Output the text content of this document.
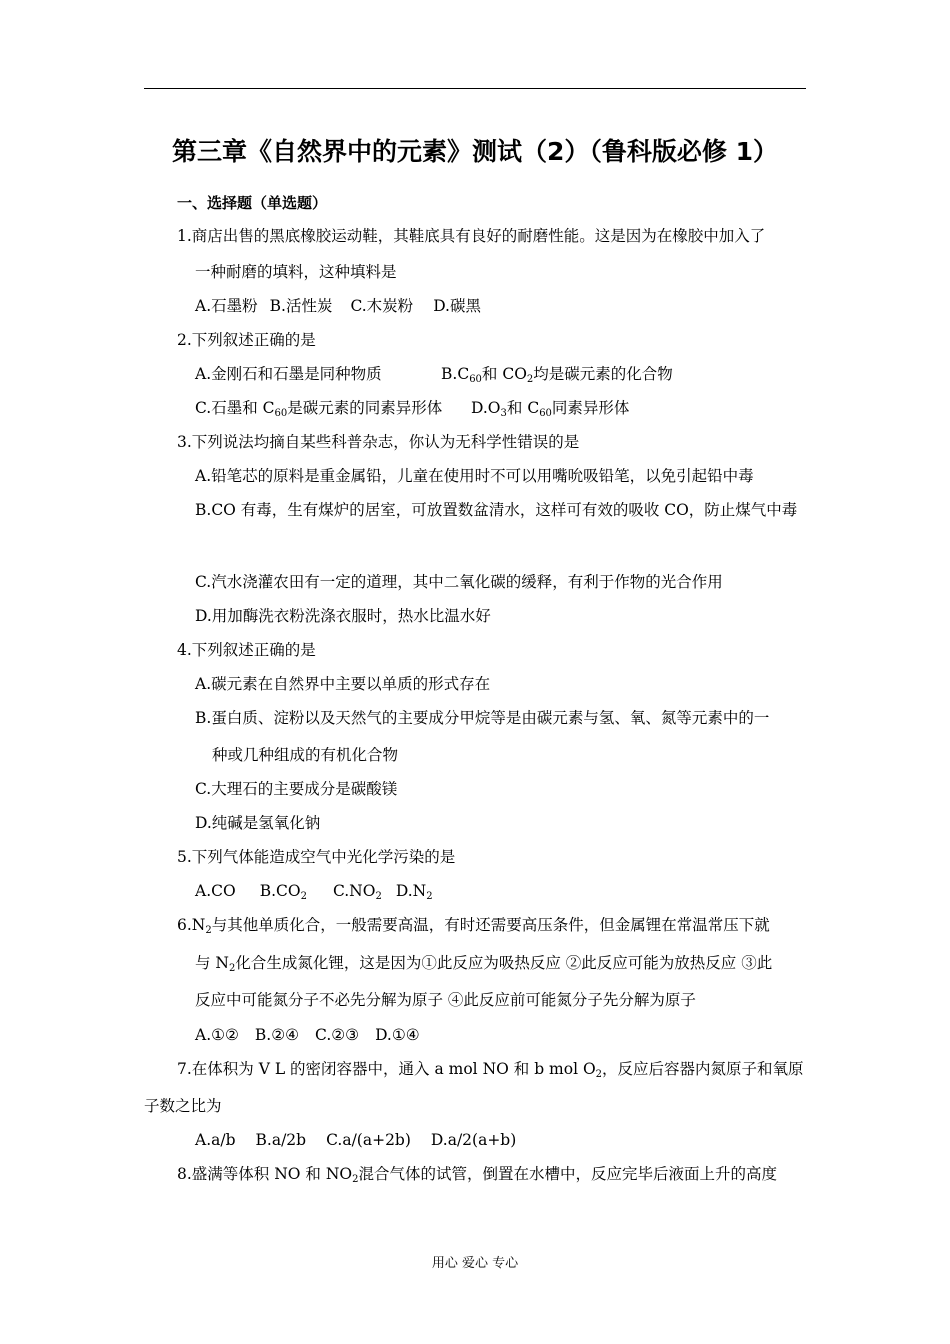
第三章《自然界中的元素》测试（2）（鲁科版必修 1）
一、选择题（单选题）
1.商店出售的黑底橡胶运动鞋，其鞋底具有良好的耐磨性能。这是因为在橡胶中加入了
一种耐磨的填料，这种填料是
A.石墨粉 B.活性炭 C.木炭粉 D.碳黑
2.下列叙述正确的是
A.金刚石和石墨是同种物质	$B.C_{60}$和 $CO_2$均是碳元素的化合物
C.石墨和 $C_{60}$是碳元素的同素异形体 $D.O_3$和 $C_{60}$同素异形体
3.下列说法均摘自某些科普杂志，你认为无科学性错误的是
A.铅笔芯的原料是重金属铅，儿童在使用时不可以用嘴吮吸铅笔，以免引起铅中毒
B.CO 有毒，生有煤炉的居室，可放置数盆清水，这样可有效的吸收 CO，防止煤气中毒
C.汽水浇灌农田有一定的道理，其中二氧化碳的缓释，有利于作物的光合作用
D.用加酶洗衣粉洗涤衣服时，热水比温水好
4.下列叙述正确的是
A.碳元素在自然界中主要以单质的形式存在
B.蛋白质、淀粉以及天然气的主要成分甲烷等是由碳元素与氢、氧、氮等元素中的一
种或几种组成的有机化合物
C.大理石的主要成分是碳酸镁
D.纯碱是氢氧化钠
5.下列气体能造成空气中光化学污染的是
A.CO $B.CO_2$ $C.NO_2$ $D.N_2$
$6.N_2$与其他单质化合，一般需要高温，有时还需要高压条件，但金属锂在常温常压下就
与 $N_2$化合生成氮化锂，这是因为①此反应为吸热反应 ②此反应可能为放热反应 ③此
反应中可能氮分子不必先分解为原子 ④此反应前可能氮分子先分解为原子
A.①② B.②④ C.②③ D.①④
7.在体积为 V L 的密闭容器中，通入 a mol NO 和 b mol $O_2$，反应后容器内氮原子和氧原
子数之比为
A.a/b B.a/2b C.a/(a+2b) D.a/2(a+b)
8.盛满等体积 NO 和 $NO_2$混合气体的试管，倒置在水槽中，反应完毕后液面上升的高度
用心 爱心 专心
